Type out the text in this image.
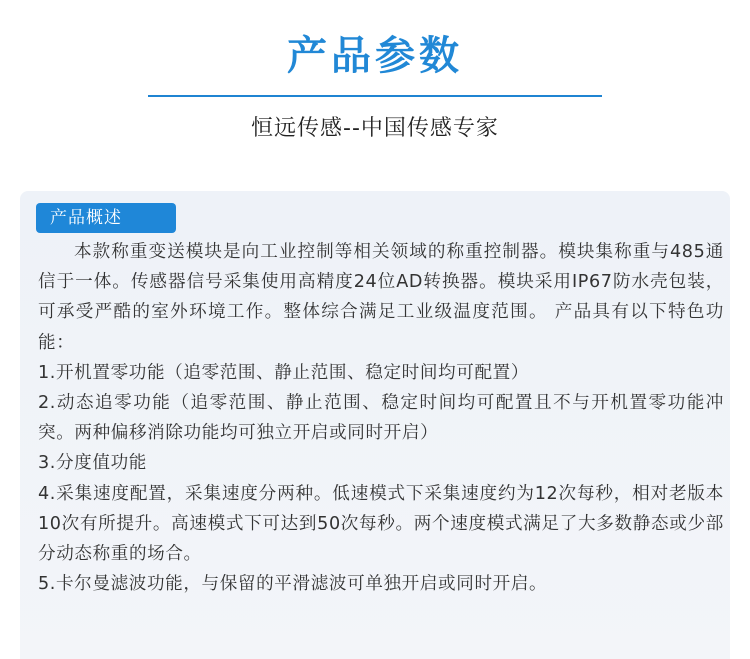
产品参数
恒远传感--中国传感专家
产品概述

本款称重变送模块是向工业控制等相关领域的称重控制器。模块集称重与485通信于一体。传感器信号采集使用高精度24位AD转换器。模块采用IP67防水壳包装，可承受严酷的室外环境工作。整体综合满足工业级温度范围。 产品具有以下特色功能：

1.开机置零功能（追零范围、静止范围、稳定时间均可配置）

2.动态追零功能（追零范围、静止范围、稳定时间均可配置且不与开机置零功能冲突。两种偏移消除功能均可独立开启或同时开启）

3.分度值功能

4.采集速度配置，采集速度分两种。低速模式下采集速度约为12次每秒，相对老版本10次有所提升。高速模式下可达到50次每秒。两个速度模式满足了大多数静态或少部分动态称重的场合。

5.卡尔曼滤波功能，与保留的平滑滤波可单独开启或同时开启。
